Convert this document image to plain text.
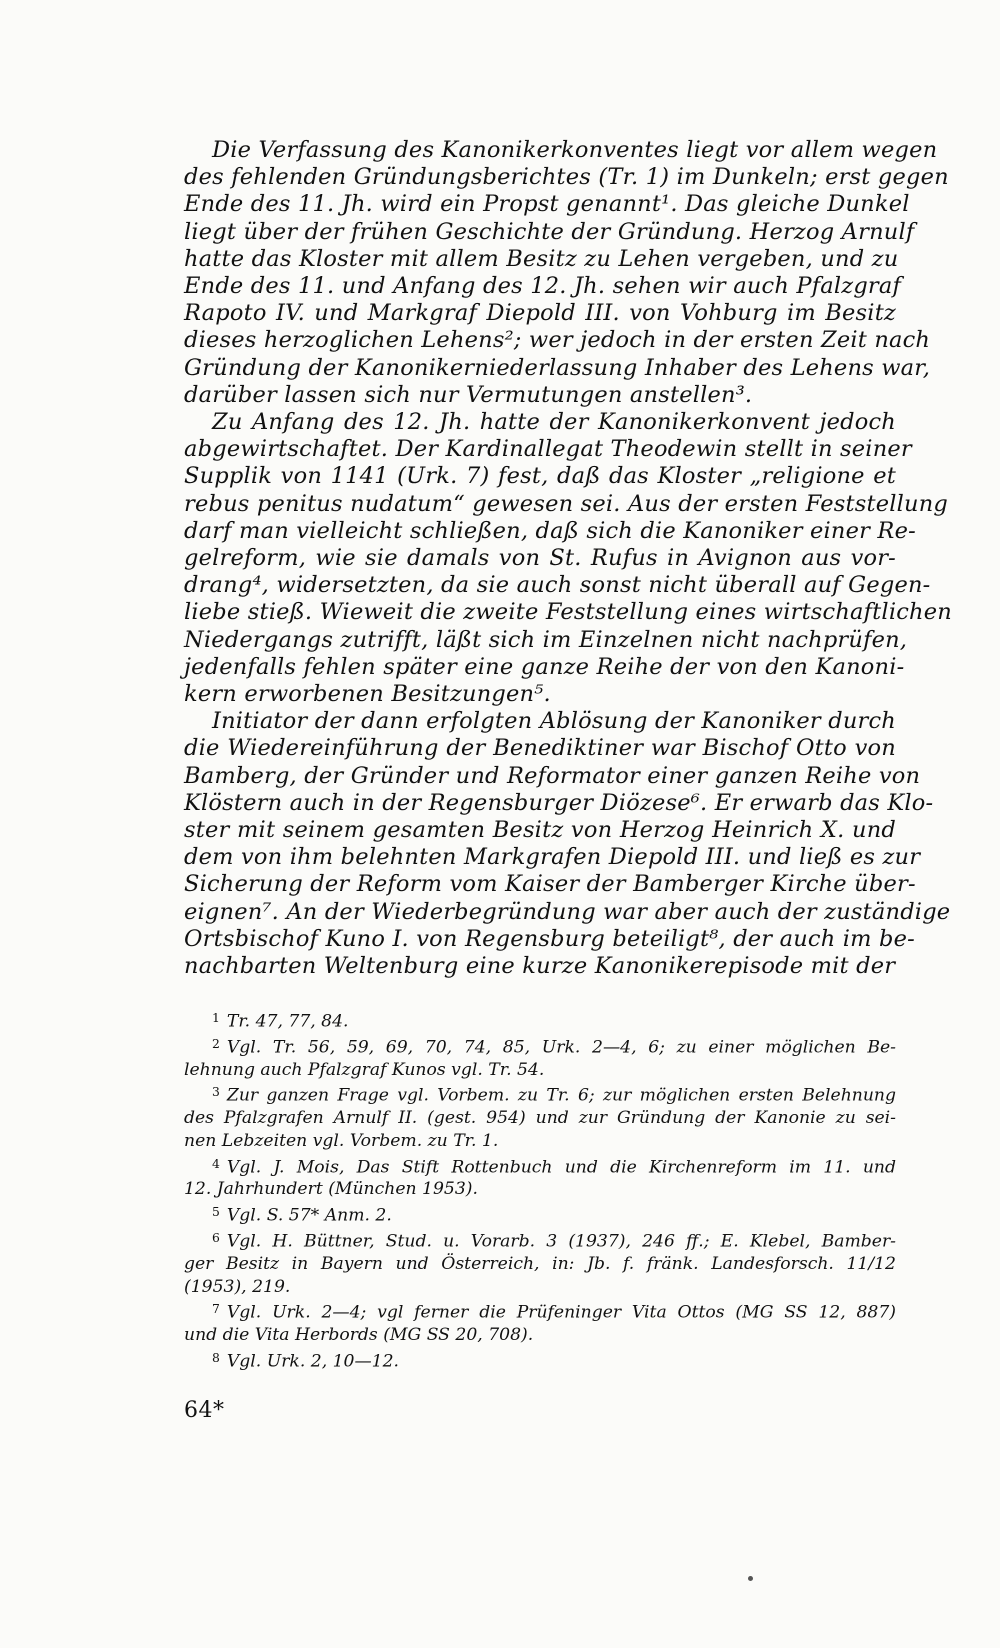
Die Verfassung des Kanonikerkonventes liegt vor allem wegen
des fehlenden Gründungsberichtes (Tr. 1) im Dunkeln; erst gegen
Ende des 11. Jh. wird ein Propst genannt¹. Das gleiche Dunkel
liegt über der frühen Geschichte der Gründung. Herzog Arnulf
hatte das Kloster mit allem Besitz zu Lehen vergeben, und zu
Ende des 11. und Anfang des 12. Jh. sehen wir auch Pfalzgraf
Rapoto IV. und Markgraf Diepold III. von Vohburg im Besitz
dieses herzoglichen Lehens²; wer jedoch in der ersten Zeit nach
Gründung der Kanonikerniederlassung Inhaber des Lehens war,
darüber lassen sich nur Vermutungen anstellen³.
Zu Anfang des 12. Jh. hatte der Kanonikerkonvent jedoch
abgewirtschaftet. Der Kardinallegat Theodewin stellt in seiner
Supplik von 1141 (Urk. 7) fest, daß das Kloster „religione et
rebus penitus nudatum“ gewesen sei. Aus der ersten Feststellung
darf man vielleicht schließen, daß sich die Kanoniker einer Re-
gelreform, wie sie damals von St. Rufus in Avignon aus vor-
drang⁴, widersetzten, da sie auch sonst nicht überall auf Gegen-
liebe stieß. Wieweit die zweite Feststellung eines wirtschaftlichen
Niedergangs zutrifft, läßt sich im Einzelnen nicht nachprüfen,
jedenfalls fehlen später eine ganze Reihe der von den Kanoni-
kern erworbenen Besitzungen⁵.
Initiator der dann erfolgten Ablösung der Kanoniker durch
die Wiedereinführung der Benediktiner war Bischof Otto von
Bamberg, der Gründer und Reformator einer ganzen Reihe von
Klöstern auch in der Regensburger Diözese⁶. Er erwarb das Klo-
ster mit seinem gesamten Besitz von Herzog Heinrich X. und
dem von ihm belehnten Markgrafen Diepold III. und ließ es zur
Sicherung der Reform vom Kaiser der Bamberger Kirche über-
eignen⁷. An der Wiederbegründung war aber auch der zuständige
Ortsbischof Kuno I. von Regensburg beteiligt⁸, der auch im be-
nachbarten Weltenburg eine kurze Kanonikerepisode mit der
$^1$ Tr. 47, 77, 84.
$^2$ Vgl. Tr. 56, 59, 69, 70, 74, 85, Urk. 2—4, 6; zu einer möglichen Be-
lehnung auch Pfalzgraf Kunos vgl. Tr. 54.
$^3$ Zur ganzen Frage vgl. Vorbem. zu Tr. 6; zur möglichen ersten Belehnung
des Pfalzgrafen Arnulf II. (gest. 954) und zur Gründung der Kanonie zu sei-
nen Lebzeiten vgl. Vorbem. zu Tr. 1.
$^4$ Vgl. J. Mois, Das Stift Rottenbuch und die Kirchenreform im 11. und
12. Jahrhundert (München 1953).
$^5$ Vgl. S. 57* Anm. 2.
$^6$ Vgl. H. Büttner, Stud. u. Vorarb. 3 (1937), 246 ff.; E. Klebel, Bamber-
ger Besitz in Bayern und Österreich, in: Jb. f. fränk. Landesforsch. 11/12
(1953), 219.
$^7$ Vgl. Urk. 2—4; vgl ferner die Prüfeninger Vita Ottos (MG SS 12, 887)
und die Vita Herbords (MG SS 20, 708).
$^8$ Vgl. Urk. 2, 10—12.
64*
